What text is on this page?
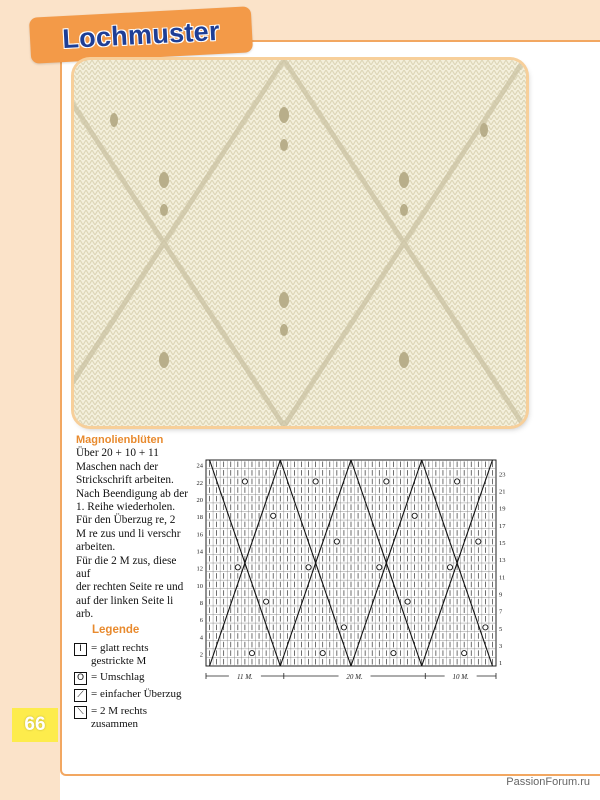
Lochmuster
Magnolienblüten
Über 20 + 10 + 11
Maschen nach der
Strickschrift arbeiten.
Nach Beendigung ab der
1. Reihe wiederholen.
Für den Überzug re, 2
M re zus und li verschr
arbeiten.
Für die 2 M zus, diese auf
der rechten Seite re und
auf der linken Seite li arb.
Legende
I = glatt rechts gestrickte M
O = Umschlag
⟋ = einfacher Überzug
⟍ = 2 M rechts zusammen
24
22
20
18
16
14
12
10
8
6
4
2
23
21
19
17
15
13
11
9
7
5
3
1
11 M.	20 M.	10 M.
66
PassionForum.ru
